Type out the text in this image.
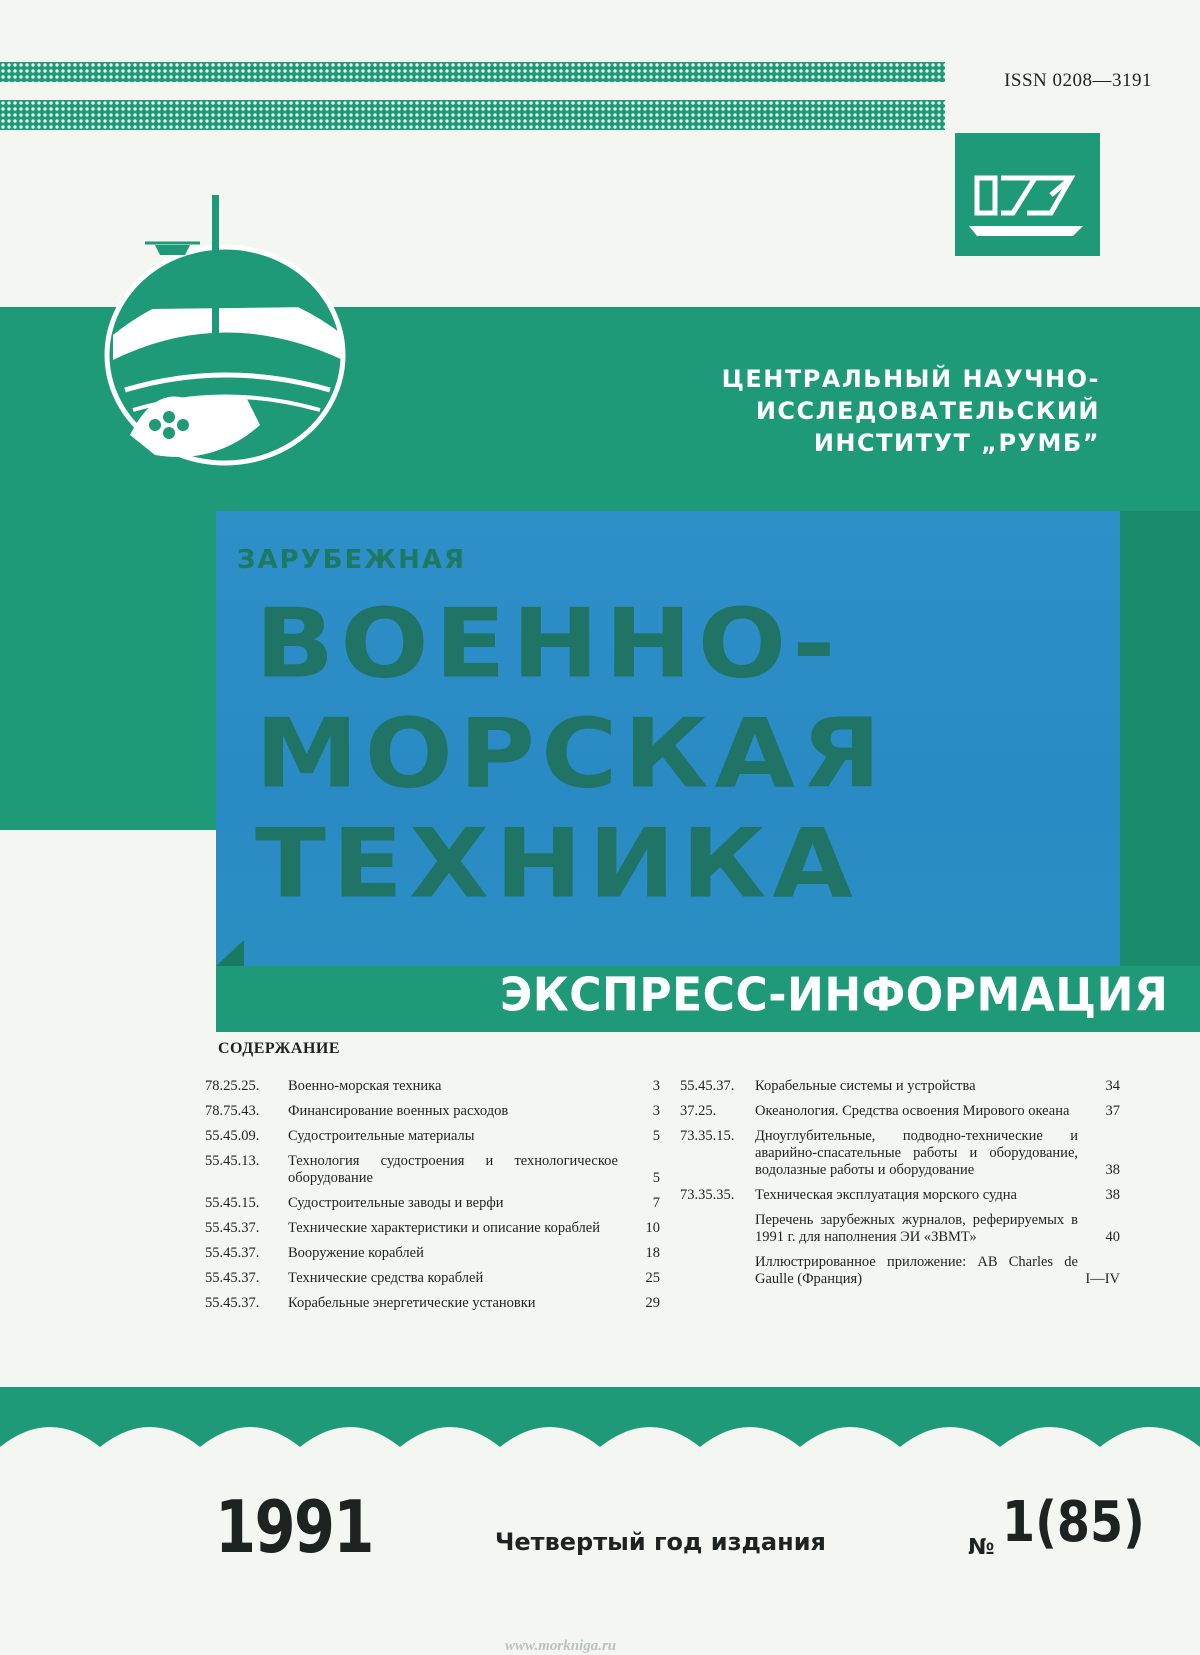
ISSN 0208—3191
ЦЕНТРАЛЬНЫЙ НАУЧНО-ИССЛЕДОВАТЕЛЬСКИЙ
ИНСТИТУТ „РУМБ”
ЗАРУБЕЖНАЯ
ВОЕННО-
МОРСКАЯ
ТЕХНИКА
ЭКСПРЕСС-ИНФОРМАЦИЯ
СОДЕРЖАНИЕ
78.25.25.	Военно-морская техника	3
78.75.43.	Финансирование военных расходов	3
55.45.09.	Судостроительные материалы	5
55.45.13.	Технология судостроения и технологическое оборудование	5
55.45.15.	Судостроительные заводы и верфи	7
55.45.37.	Технические характеристики и описание кораблей	10
55.45.37.	Вооружение кораблей	18
55.45.37.	Технические средства кораблей	25
55.45.37.	Корабельные энергетические установки	29
55.45.37.	Корабельные системы и устройства	34
37.25.	Океанология. Средства освоения Мирового океана	37
73.35.15.	Дноуглубительные, подводно-технические и аварийно-спасательные работы и оборудование, водолазные работы и оборудование	38
73.35.35.	Техническая эксплуатация морского судна	38
Перечень зарубежных журналов, реферируемых в 1991 г. для наполнения ЭИ «ЗВМТ»	40
Иллюстрированное приложение: АВ Charles de Gaulle (Франция)	I—IV
www.morkniga.ru
1991	Четвертый год издания	№ 1(85)
